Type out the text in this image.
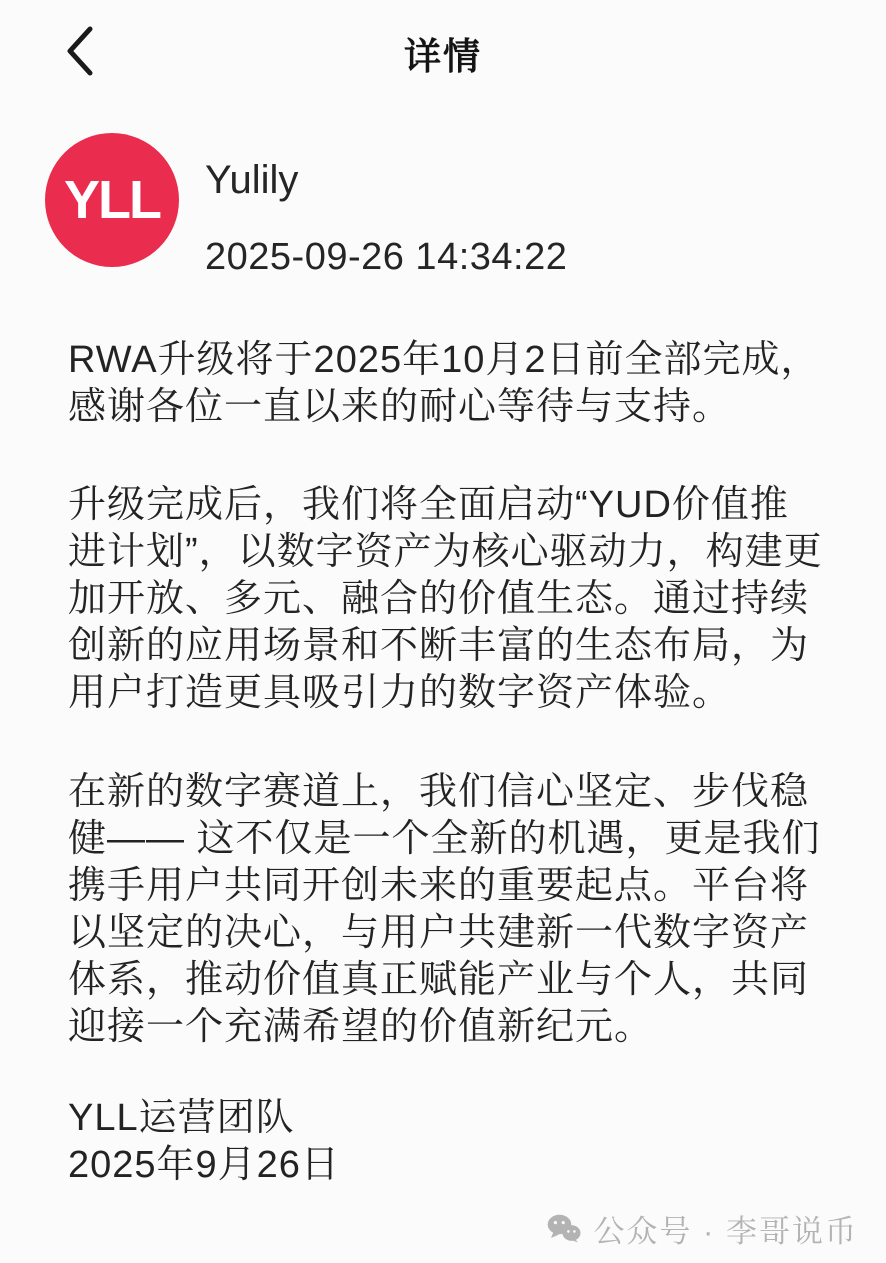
详情
YLL Yulily
2025-09-26 14:34:22

RWA升级将于2025年10月2日前全部完成，感谢各位一直以来的耐心等待与支持。

升级完成后，我们将全面启动“YUD价值推进计划”，以数字资产为核心驱动力，构建更加开放、多元、融合的价值生态。通过持续创新的应用场景和不断丰富的生态布局，为用户打造更具吸引力的数字资产体验。

在新的数字赛道上，我们信心坚定、步伐稳健—— 这不仅是一个全新的机遇，更是我们携手用户共同开创未来的重要起点。平台将以坚定的决心，与用户共建新一代数字资产体系，推动价值真正赋能产业与个人，共同迎接一个充满希望的价值新纪元。

YLL运营团队
2025年9月26日
公众号 · 李哥说币
